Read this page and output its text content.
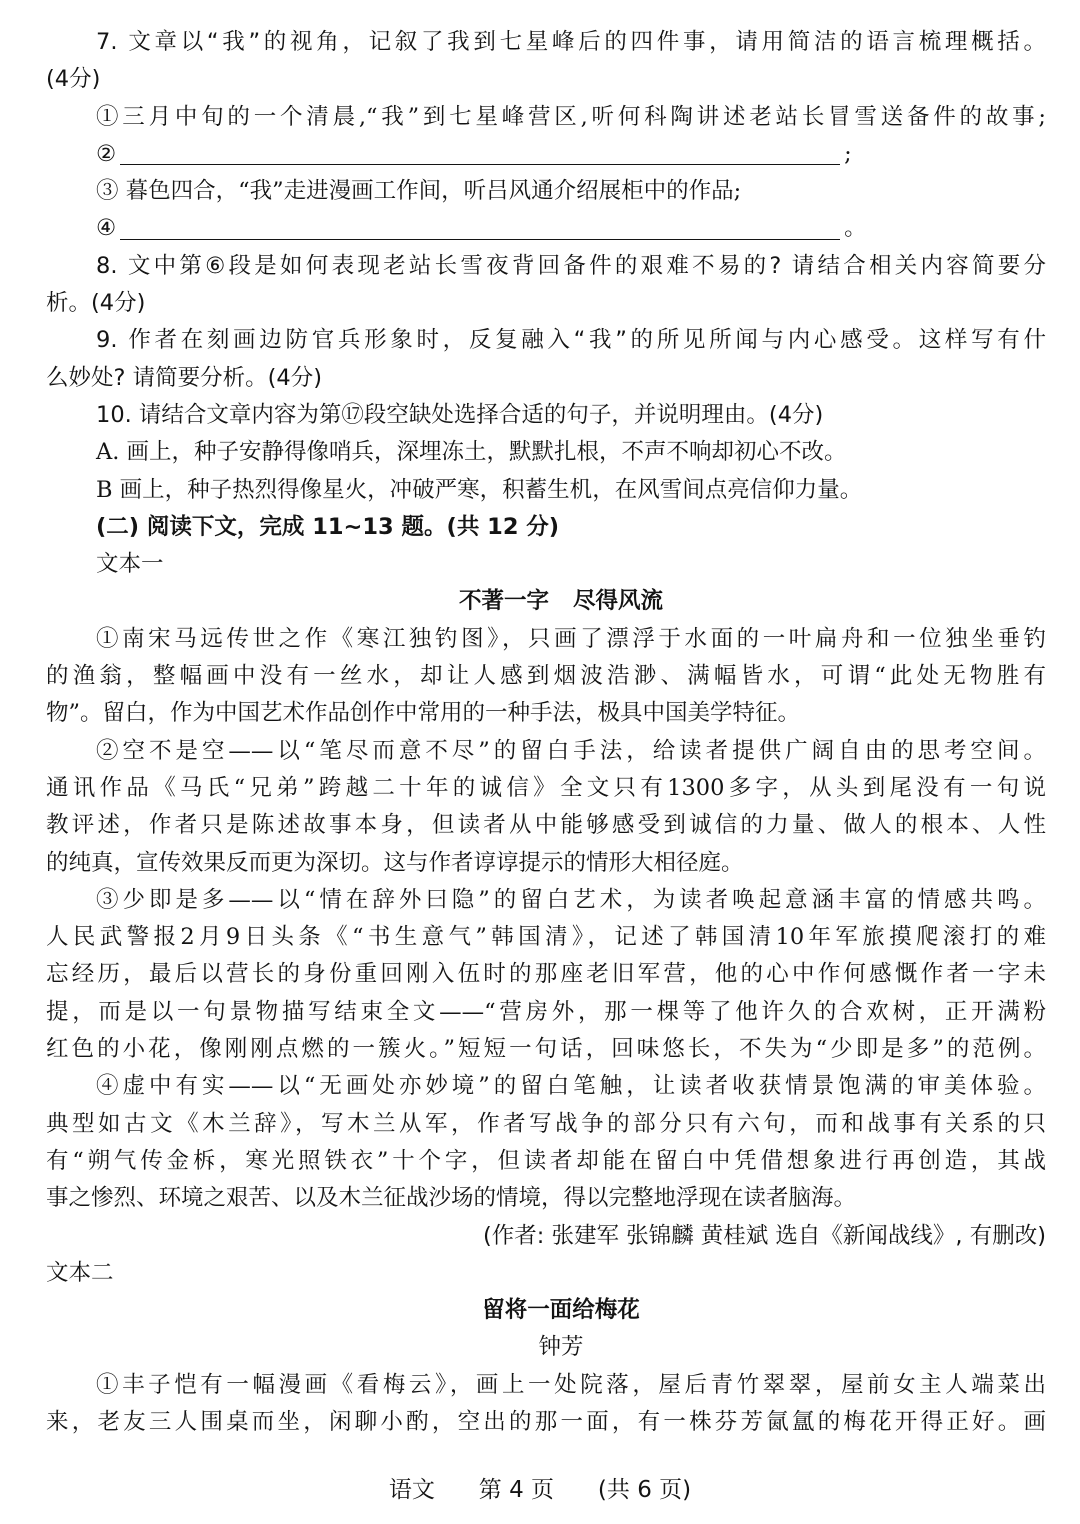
7. 文章以“我”的视角，记叙了我到七星峰后的四件事，请用简洁的语言梳理概括。
(4分)
①三月中旬的一个清晨,“我”到七星峰营区,听何科陶讲述老站长冒雪送备件的故事;
②	;
③ 暮色四合，“我”走进漫画工作间，听吕风通介绍展柜中的作品;
④	。
8. 文中第⑥段是如何表现老站长雪夜背回备件的艰难不易的? 请结合相关内容简要分
析。(4分)
9. 作者在刻画边防官兵形象时，反复融入“我”的所见所闻与内心感受。这样写有什
么妙处? 请简要分析。(4分)
10. 请结合文章内容为第⑰段空缺处选择合适的句子，并说明理由。(4分)
A. 画上，种子安静得像哨兵，深埋冻土，默默扎根，不声不响却初心不改。
B 画上，种子热烈得像星火，冲破严寒，积蓄生机，在风雪间点亮信仰力量。
(二) 阅读下文，完成 11~13 题。(共 12 分)
文本一
不著一字 尽得风流
①南宋马远传世之作《寒江独钓图》，只画了漂浮于水面的一叶扁舟和一位独坐垂钓
的渔翁，整幅画中没有一丝水，却让人感到烟波浩渺、满幅皆水，可谓“此处无物胜有
物”。留白，作为中国艺术作品创作中常用的一种手法，极具中国美学特征。
②空不是空——以“笔尽而意不尽”的留白手法，给读者提供广阔自由的思考空间。
通讯作品《马氏“兄弟”跨越二十年的诚信》全文只有1300多字，从头到尾没有一句说
教评述，作者只是陈述故事本身，但读者从中能够感受到诚信的力量、做人的根本、人性
的纯真，宣传效果反而更为深切。这与作者谆谆提示的情形大相径庭。
③少即是多——以“情在辞外曰隐”的留白艺术，为读者唤起意涵丰富的情感共鸣。
人民武警报2月9日头条《“书生意气”韩国清》，记述了韩国清10年军旅摸爬滚打的难
忘经历，最后以营长的身份重回刚入伍时的那座老旧军营，他的心中作何感慨作者一字未
提，而是以一句景物描写结束全文——“营房外，那一棵等了他许久的合欢树，正开满粉
红色的小花，像刚刚点燃的一簇火。”短短一句话，回味悠长，不失为“少即是多”的范例。
④虚中有实——以“无画处亦妙境”的留白笔触，让读者收获情景饱满的审美体验。
典型如古文《木兰辞》，写木兰从军，作者写战争的部分只有六句，而和战事有关系的只
有“朔气传金柝，寒光照铁衣”十个字，但读者却能在留白中凭借想象进行再创造，其战
事之惨烈、环境之艰苦、以及木兰征战沙场的情境，得以完整地浮现在读者脑海。
(作者: 张建军 张锦麟 黄桂斌 选自《新闻战线》, 有删改)
文本二
留将一面给梅花
钟芳
①丰子恺有一幅漫画《看梅云》，画上一处院落，屋后青竹翠翠，屋前女主人端菜出
来，老友三人围桌而坐，闲聊小酌，空出的那一面，有一株芬芳氤氲的梅花开得正好。画
语文 第 4 页 (共 6 页)
